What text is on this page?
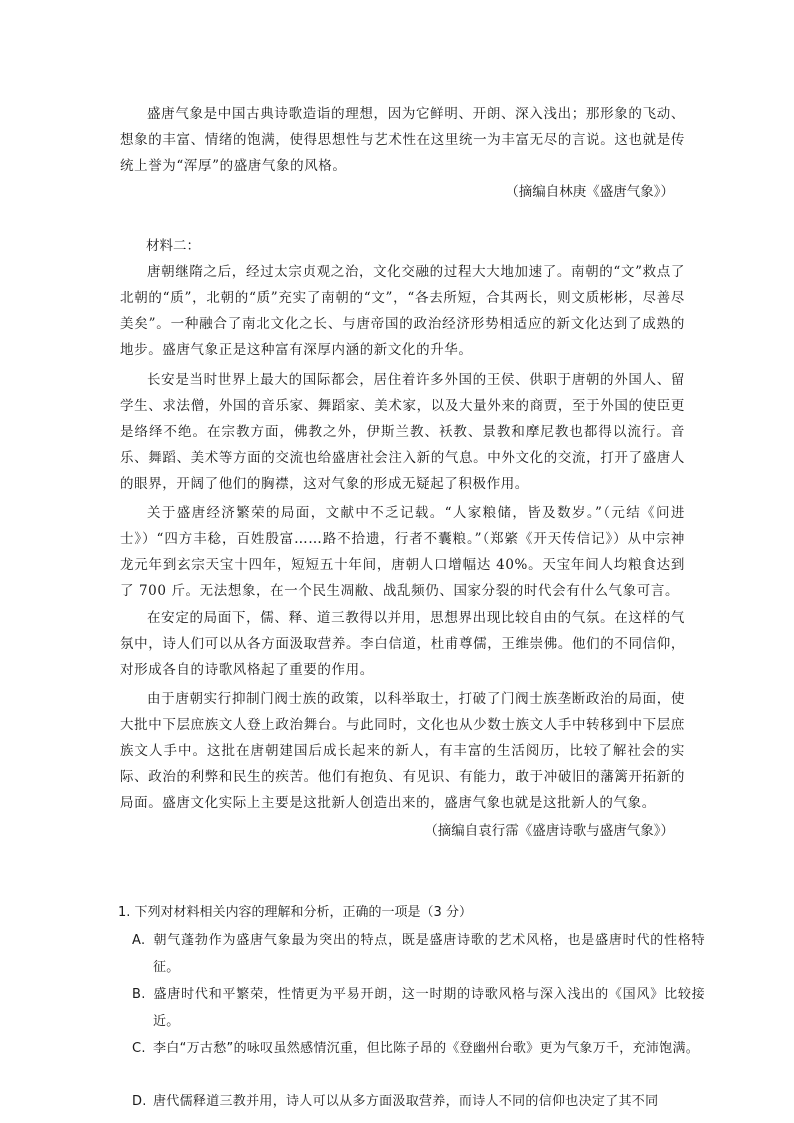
盛唐气象是中国古典诗歌造诣的理想，因为它鲜明、开朗、深入浅出；那形象的飞动、想象的丰富、情绪的饱满，使得思想性与艺术性在这里统一为丰富无尽的言说。这也就是传统上誉为“浑厚”的盛唐气象的风格。

（摘编自林庚《盛唐气象》）

材料二：

唐朝继隋之后，经过太宗贞观之治，文化交融的过程大大地加速了。南朝的“文”救点了北朝的“质”，北朝的“质”充实了南朝的“文”，“各去所短，合其两长，则文质彬彬，尽善尽美矣”。一种融合了南北文化之长、与唐帝国的政治经济形势相适应的新文化达到了成熟的地步。盛唐气象正是这种富有深厚内涵的新文化的升华。

长安是当时世界上最大的国际都会，居住着许多外国的王侯、供职于唐朝的外国人、留学生、求法僧，外国的音乐家、舞蹈家、美术家，以及大量外来的商贾，至于外国的使臣更是络绎不绝。在宗教方面，佛教之外，伊斯兰教、袄教、景教和摩尼教也都得以流行。音乐、舞蹈、美术等方面的交流也给盛唐社会注入新的气息。中外文化的交流，打开了盛唐人的眼界，开阔了他们的胸襟，这对气象的形成无疑起了积极作用。

关于盛唐经济繁荣的局面，文献中不乏记载。“人家粮储，皆及数岁。”（元结《问进士》）“四方丰稔，百姓殷富……路不拾遗，行者不囊粮。”（郑綮《开天传信记》）从中宗神龙元年到玄宗天宝十四年，短短五十年间，唐朝人口增幅达 40%。天宝年间人均粮食达到了 700 斤。无法想象，在一个民生凋敝、战乱频仍、国家分裂的时代会有什么气象可言。

在安定的局面下，儒、释、道三教得以并用，思想界出现比较自由的气氛。在这样的气氛中，诗人们可以从各方面汲取营养。李白信道，杜甫尊儒，王维崇佛。他们的不同信仰，对形成各自的诗歌风格起了重要的作用。

由于唐朝实行抑制门阀士族的政策，以科举取士，打破了门阀士族垄断政治的局面，使大批中下层庶族文人登上政治舞台。与此同时，文化也从少数士族文人手中转移到中下层庶族文人手中。这批在唐朝建国后成长起来的新人，有丰富的生活阅历，比较了解社会的实际、政治的利弊和民生的疾苦。他们有抱负、有见识、有能力，敢于冲破旧的藩篱开拓新的局面。盛唐文化实际上主要是这批新人创造出来的，盛唐气象也就是这批新人的气象。

（摘编自袁行霈《盛唐诗歌与盛唐气象》）

1. 下列对材料相关内容的理解和分析，正确的一项是（3 分）

A. 朝气蓬勃作为盛唐气象最为突出的特点，既是盛唐诗歌的艺术风格，也是盛唐时代的性格特征。

B. 盛唐时代和平繁荣，性情更为平易开朗，这一时期的诗歌风格与深入浅出的《国风》比较接近。

C. 李白“万古愁”的咏叹虽然感情沉重，但比陈子昂的《登幽州台歌》更为气象万千，充沛饱满。

D. 唐代儒释道三教并用，诗人可以从多方面汲取营养，而诗人不同的信仰也决定了其不同
